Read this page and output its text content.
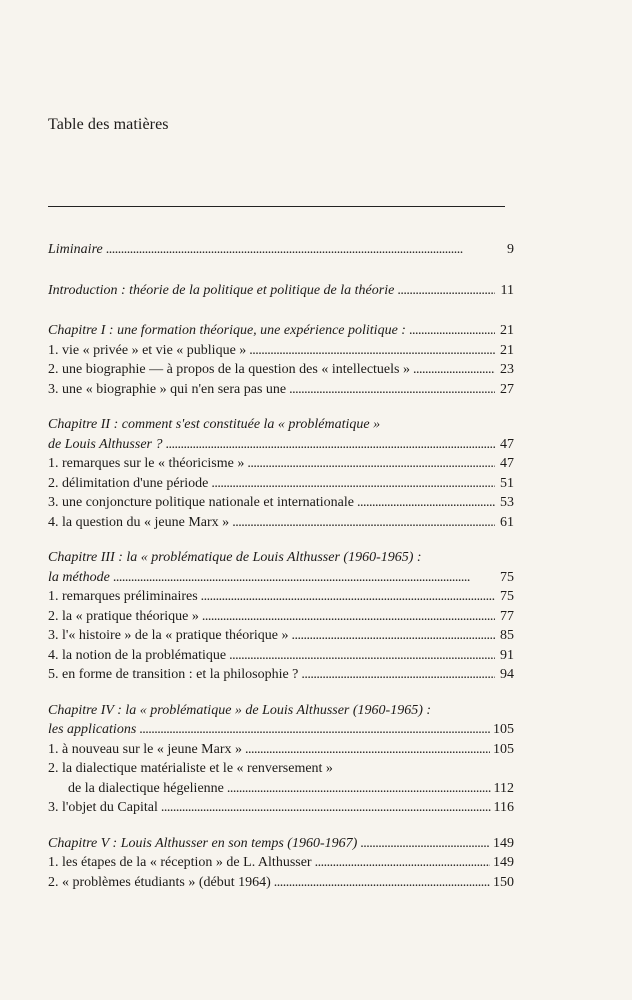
Table des matières
Liminaire . . .	9
Introduction : théorie de la politique et politique de la théorie . . .	11
Chapitre I : une formation théorique, une expérience politique : . . .	21
1. vie « privée » et vie « publique » . . .	21
2. une biographie — à propos de la question des « intellectuels » . . .	23
3. une « biographie » qui n'en sera pas une . . .	27
Chapitre II : comment s'est constituée la « problématique »
de Louis Althusser ? . . .	47
1. remarques sur le « théoricisme » . . .	47
2. délimitation d'une période . . .	51
3. une conjoncture politique nationale et internationale . . .	53
4. la question du « jeune Marx » . . .	61
Chapitre III : la « problématique de Louis Althusser (1960-1965) :
la méthode . . .	75
1. remarques préliminaires . . .	75
2. la « pratique théorique » . . .	77
3. l'« histoire » de la « pratique théorique » . . .	85
4. la notion de la problématique . . .	91
5. en forme de transition : et la philosophie ? . . .	94
Chapitre IV : la « problématique » de Louis Althusser (1960-1965) :
les applications . . .	105
1. à nouveau sur le « jeune Marx » . . .	105
2. la dialectique matérialiste et le « renversement »
de la dialectique hégelienne . . .	112
3. l'objet du Capital . . .	116
Chapitre V : Louis Althusser en son temps (1960-1967) . . .	149
1. les étapes de la « réception » de L. Althusser . . .	149
2. « problèmes étudiants » (début 1964) . . .	150
